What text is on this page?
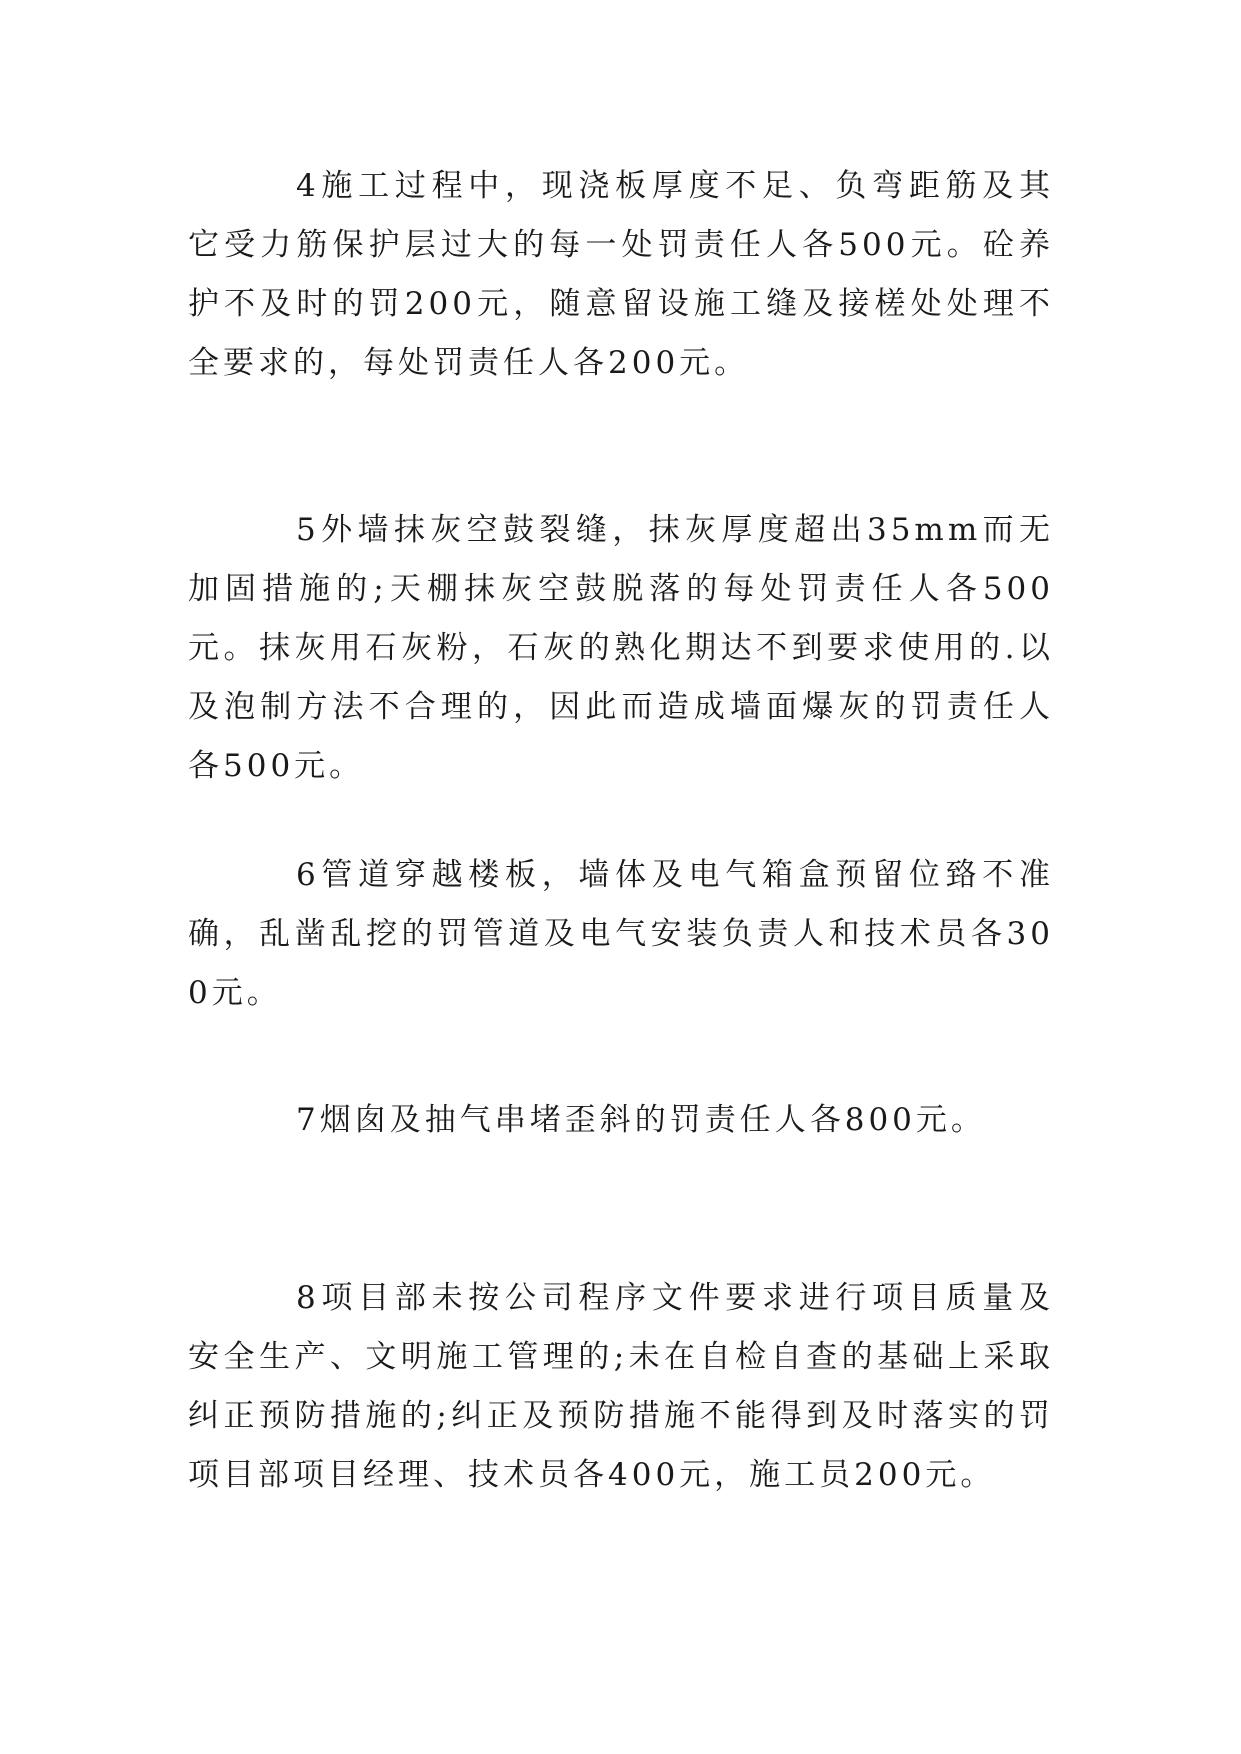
4施工过程中，现浇板厚度不足、负弯距筋及其它受力筋保护层过大的每一处罚责任人各500元。砼养护不及时的罚200元，随意留设施工缝及接槎处处理不全要求的，每处罚责任人各200元。

5外墙抹灰空鼓裂缝，抹灰厚度超出35mm而无加固措施的;天棚抹灰空鼓脱落的每处罚责任人各500元。抹灰用石灰粉，石灰的熟化期达不到要求使用的.以及泡制方法不合理的，因此而造成墙面爆灰的罚责任人各500元。

6管道穿越楼板，墙体及电气箱盒预留位臵不准确，乱凿乱挖的罚管道及电气安装负责人和技术员各300元。

7烟囱及抽气串堵歪斜的罚责任人各800元。

8项目部未按公司程序文件要求进行项目质量及安全生产、文明施工管理的;未在自检自查的基础上采取纠正预防措施的;纠正及预防措施不能得到及时落实的罚项目部项目经理、技术员各400元，施工员200元。
